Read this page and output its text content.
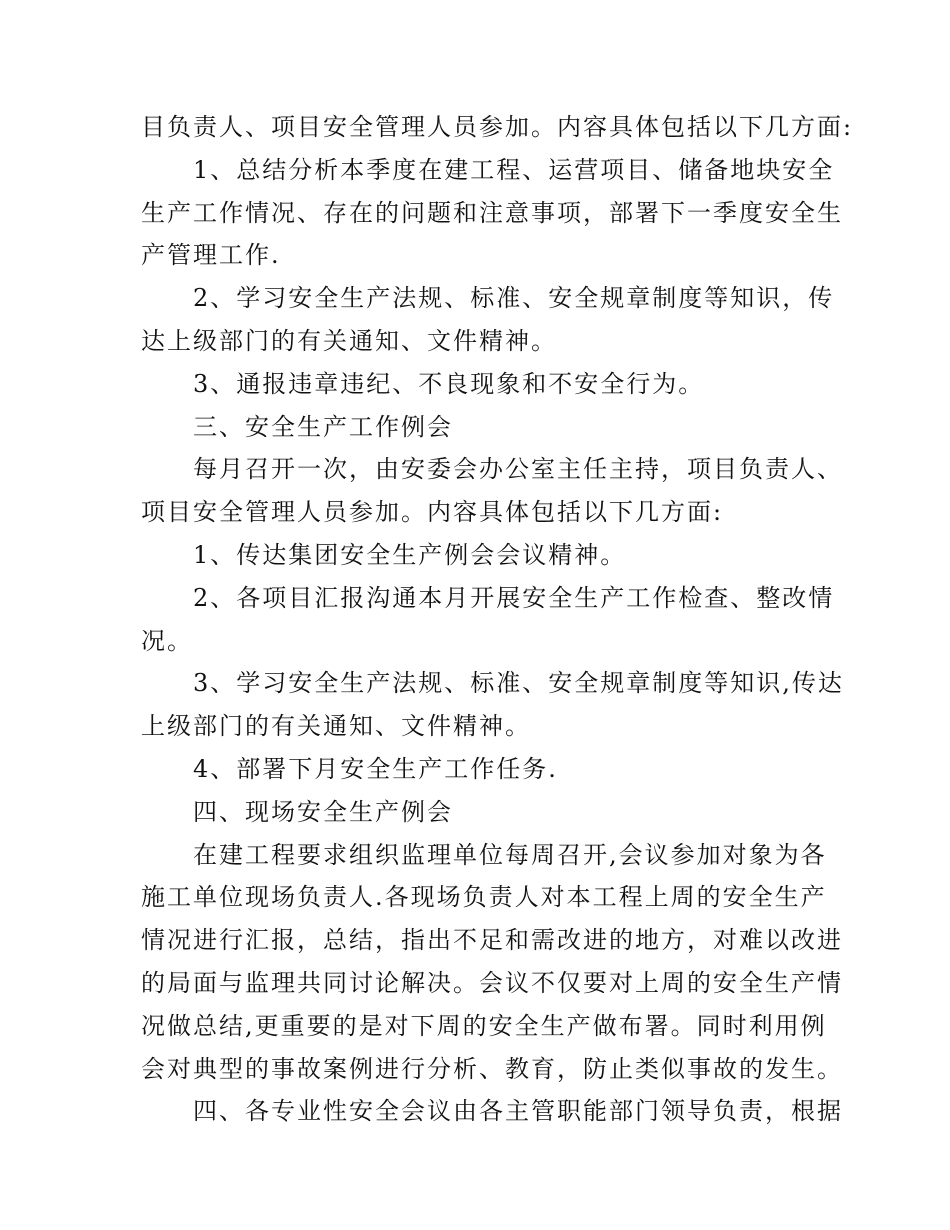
目负责人、项目安全管理人员参加。内容具体包括以下几方面:
1、总结分析本季度在建工程、运营项目、储备地块安全
生产工作情况、存在的问题和注意事项，部署下一季度安全生
产管理工作.
2、学习安全生产法规、标准、安全规章制度等知识，传
达上级部门的有关通知、文件精神。
3、通报违章违纪、不良现象和不安全行为。
三、安全生产工作例会
每月召开一次，由安委会办公室主任主持，项目负责人、
项目安全管理人员参加。内容具体包括以下几方面:
1、传达集团安全生产例会会议精神。
2、各项目汇报沟通本月开展安全生产工作检查、整改情
况。
3、学习安全生产法规、标准、安全规章制度等知识,传达
上级部门的有关通知、文件精神。
4、部署下月安全生产工作任务.
四、现场安全生产例会
在建工程要求组织监理单位每周召开,会议参加对象为各
施工单位现场负责人.各现场负责人对本工程上周的安全生产
情况进行汇报，总结，指出不足和需改进的地方，对难以改进
的局面与监理共同讨论解决。会议不仅要对上周的安全生产情
况做总结,更重要的是对下周的安全生产做布署。同时利用例
会对典型的事故案例进行分析、教育，防止类似事故的发生。
四、各专业性安全会议由各主管职能部门领导负责，根据
